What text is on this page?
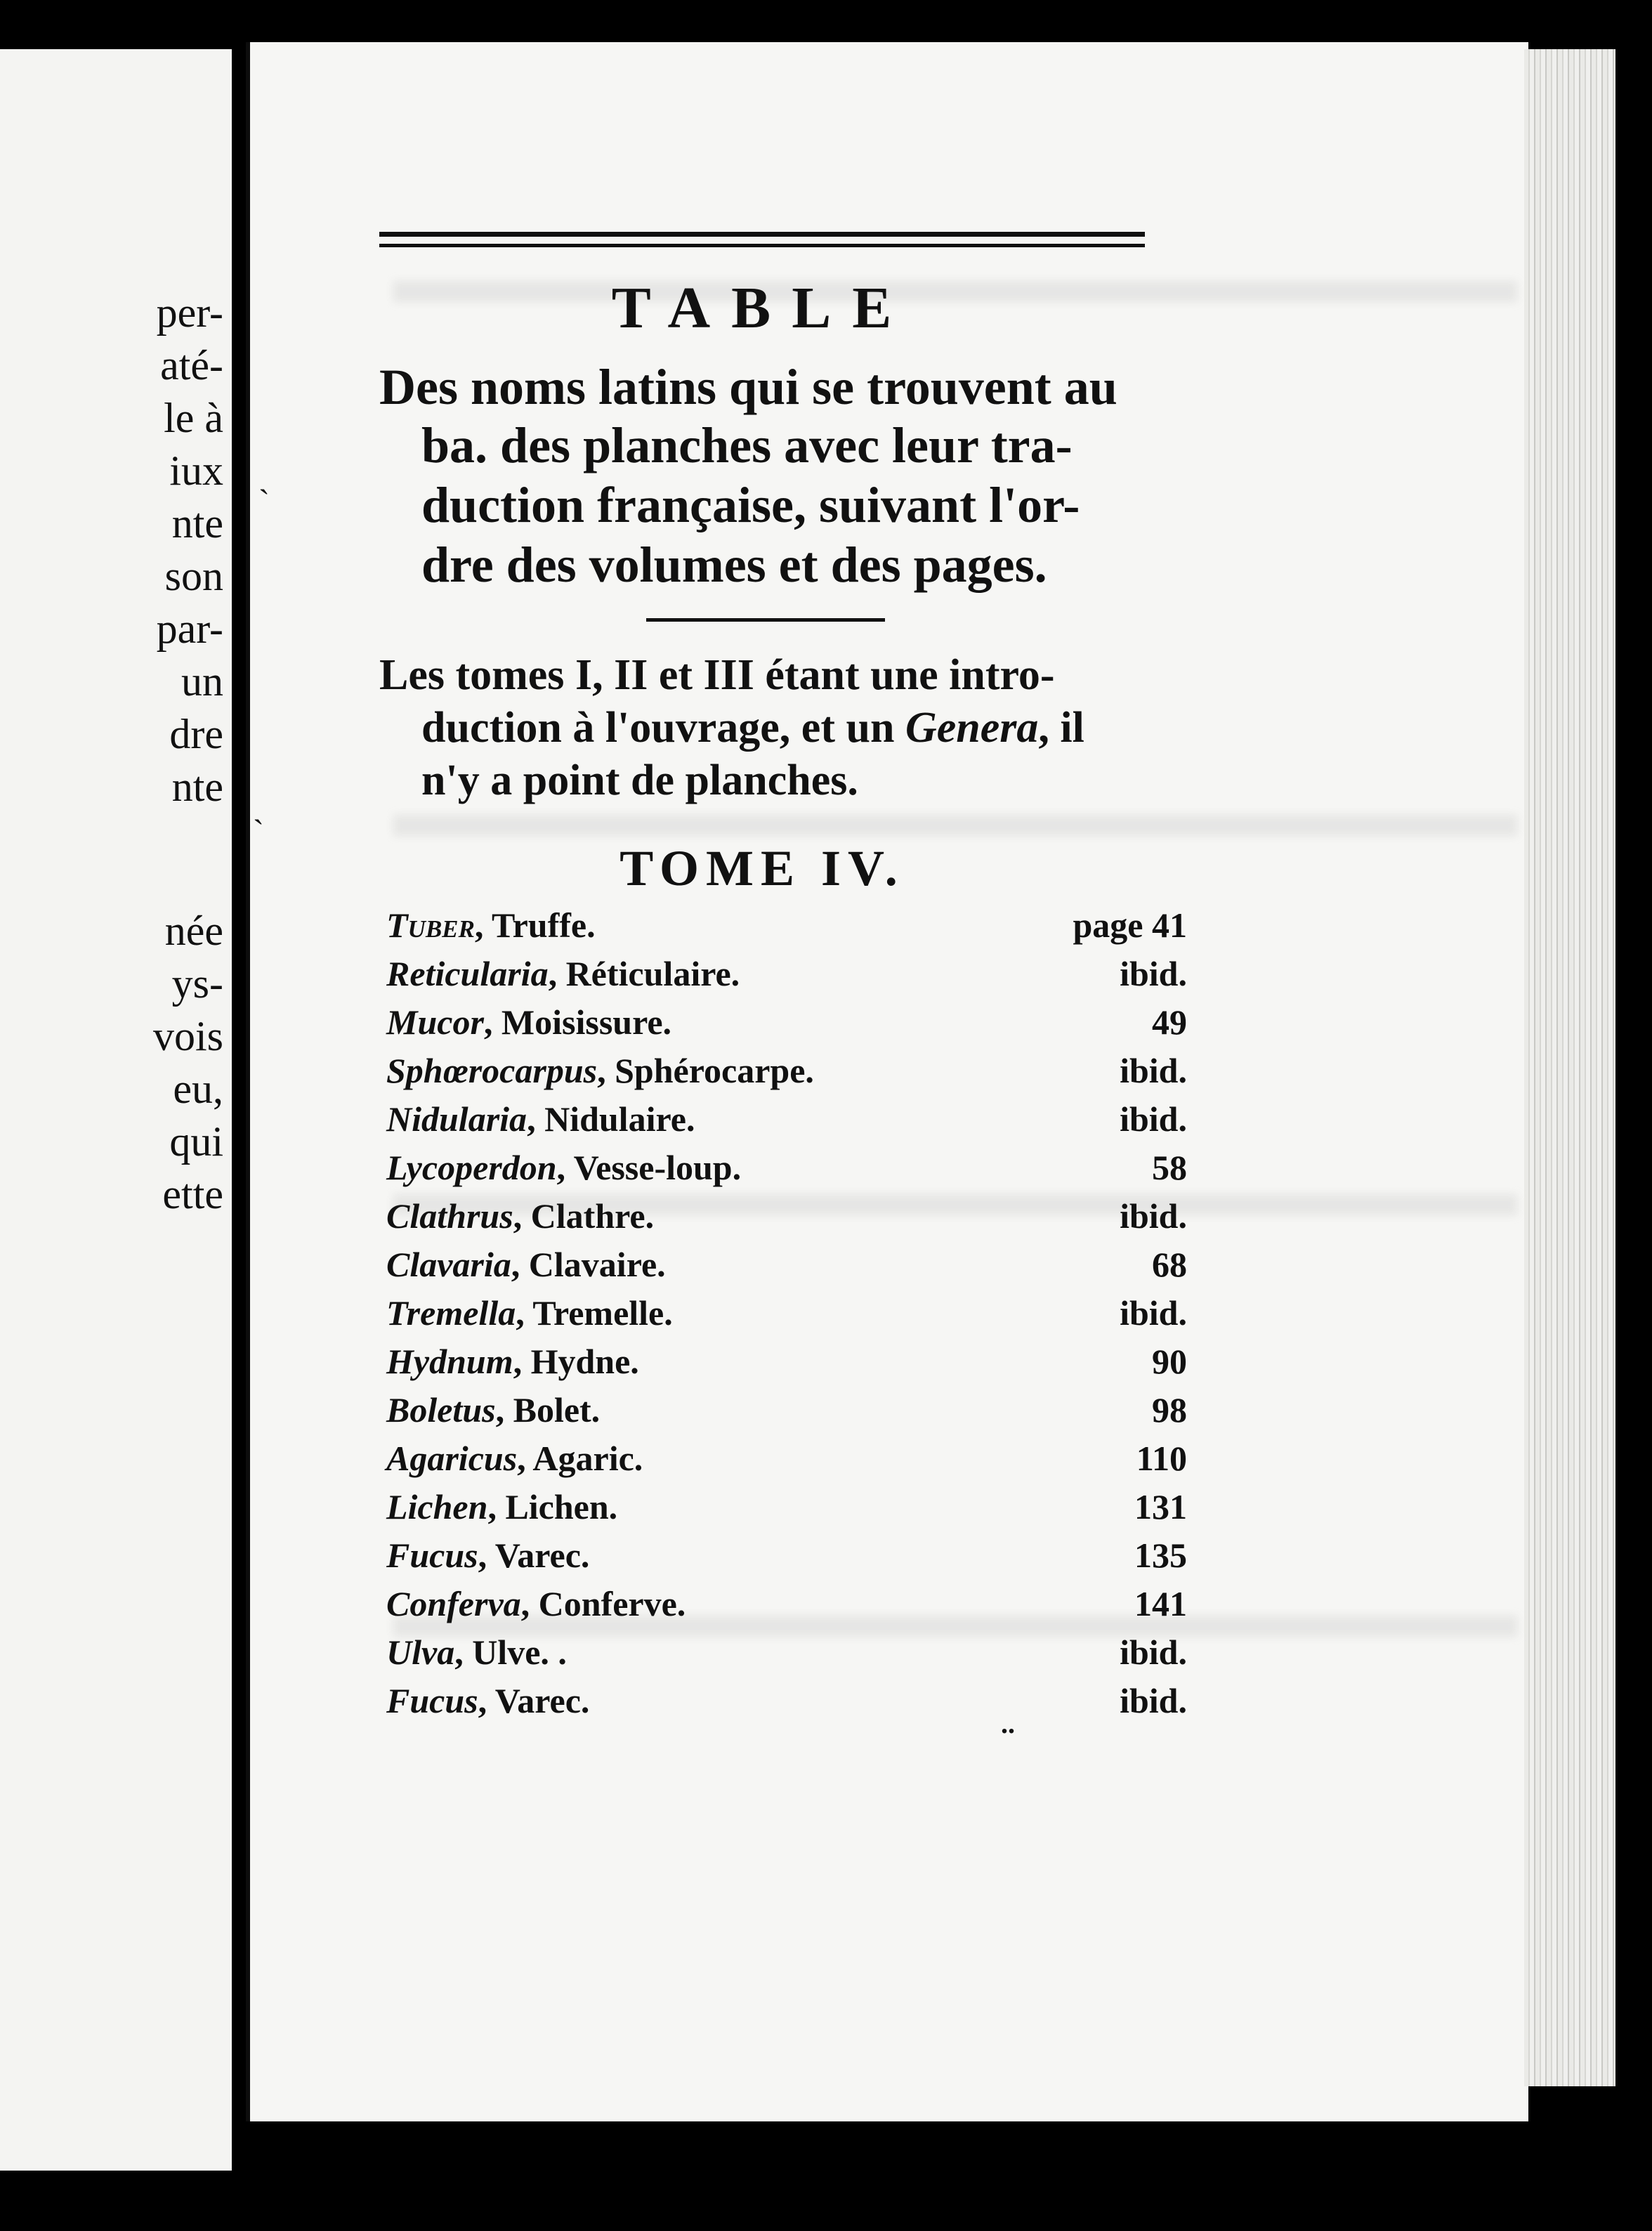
per-
até-
le à
iux
nte
son
par-
un
dre
nte
née
ys-
vois
eu,
qui
ette
ˎ
ˎ
TABLE
Des noms latins qui se trouvent au
ba. des planches avec leur tra-
duction française, suivant l'or-
dre des volumes et des pages.
Les tomes I, II et III étant une intro-
duction à l'ouvrage, et un Genera, il
n'y a point de planches.
TOME IV.
Tuber, Truffe.	page 41
Reticularia, Réticulaire.	ibid.
Mucor, Moisissure.	49
Sphœrocarpus, Sphérocarpe.	ibid.
Nidularia, Nidulaire.	ibid.
Lycoperdon, Vesse-loup.	58
Clathrus, Clathre.	ibid.
Clavaria, Clavaire.	68
Tremella, Tremelle.	ibid.
Hydnum, Hydne.	90
Boletus, Bolet.	98
Agaricus, Agaric.	110
Lichen, Lichen.	131
Fucus, Varec.	135
Conferva, Conferve.	141
Ulva, Ulve. .	ibid.
Fucus, Varec.	ibid.
..
